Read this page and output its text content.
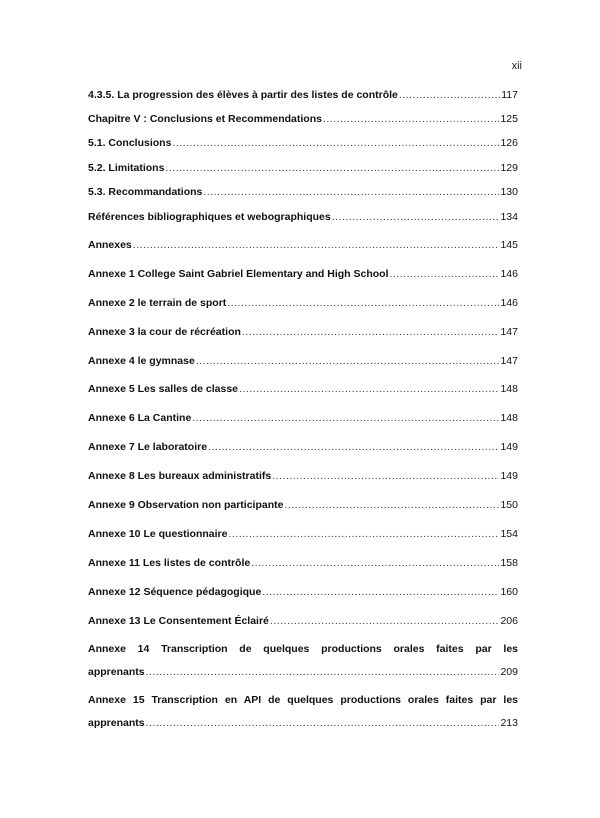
xii
4.3.5. La progression des élèves à partir des listes de contrôle .....	117
Chapitre V : Conclusions et Recommendations .....	125
5.1. Conclusions .....	126
5.2. Limitations .....	129
5.3. Recommandations .....	130
Références bibliographiques et webographiques .....	134
Annexes .....	145
Annexe 1 College Saint Gabriel Elementary and High School .....	146
Annexe 2 le terrain de sport .....	146
Annexe 3 la cour de récréation .....	147
Annexe 4 le gymnase .....	147
Annexe 5 Les salles de classe .....	148
Annexe 6 La Cantine .....	148
Annexe 7 Le laboratoire .....	149
Annexe 8 Les bureaux administratifs .....	149
Annexe 9 Observation non participante .....	150
Annexe 10 Le questionnaire .....	154
Annexe 11 Les listes de contrôle .....	158
Annexe 12 Séquence pédagogique .....	160
Annexe 13 Le Consentement Éclairé .....	206
Annexe 14 Transcription de quelques productions orales faites par les
apprenants .....	209
Annexe 15 Transcription en API de quelques productions orales faites par les
apprenants .....	213
